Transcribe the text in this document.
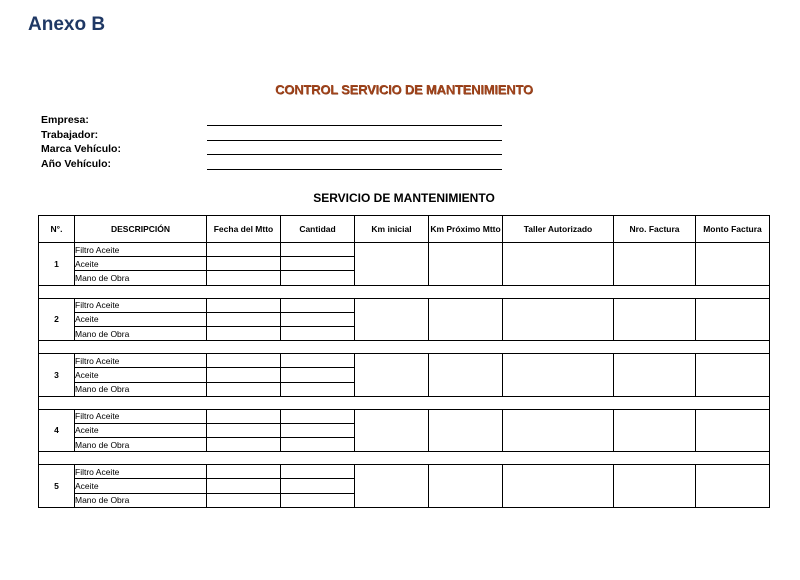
Anexo B
CONTROL SERVICIO DE MANTENIMIENTO
Empresa:
Trabajador:
Marca Vehículo:
Año Vehículo:
SERVICIO DE MANTENIMIENTO
N°.	DESCRIPCIÓN	Fecha del Mtto	Cantidad	Km inicial	Km Próximo Mtto	Taller Autorizado	Nro. Factura	Monto Factura
1	Filtro Aceite							
	Aceite							
	Mano de Obra							

2	Filtro Aceite							
	Aceite							
	Mano de Obra							

3	Filtro Aceite							
	Aceite							
	Mano de Obra							

4	Filtro Aceite							
	Aceite							
	Mano de Obra							

5	Filtro Aceite							
	Aceite							
	Mano de Obra							
